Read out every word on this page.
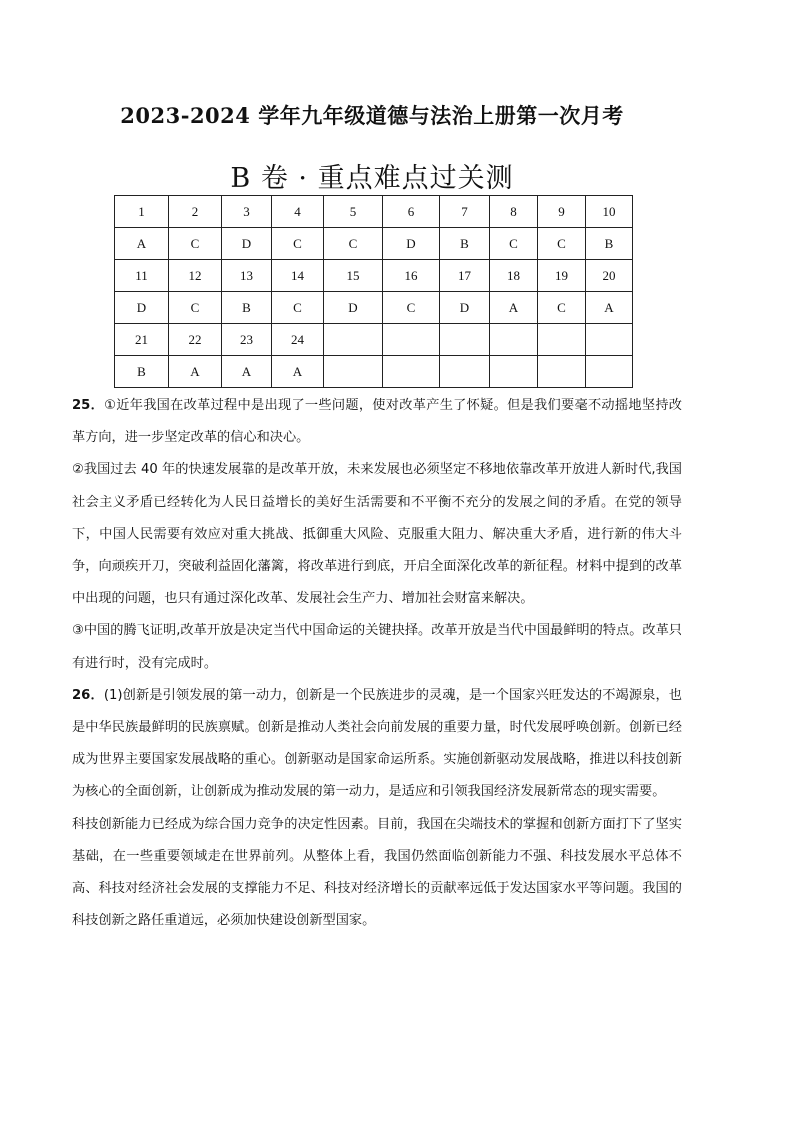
2023-2024 学年九年级道德与法治上册第一次月考
B 卷 · 重点难点过关测
1	2	3	4	5	6	7	8	9	10
A	C	D	C	C	D	B	C	C	B
11	12	13	14	15	16	17	18	19	20
D	C	B	C	D	C	D	A	C	A
21	22	23	24						
B	A	A	A						

25．①近年我国在改革过程中是出现了一些问题，使对改革产生了怀疑。但是我们要毫不动摇地坚持改革方向，进一步坚定改革的信心和决心。

②我国过去 40 年的快速发展靠的是改革开放，未来发展也必须坚定不移地依靠改革开放进人新时代,我国社会主义矛盾已经转化为人民日益增长的美好生活需要和不平衡不充分的发展之间的矛盾。在党的领导下，中国人民需要有效应对重大挑战、抵御重大风险、克服重大阻力、解决重大矛盾，进行新的伟大斗争，向顽疾开刀，突破利益固化藩篱，将改革进行到底，开启全面深化改革的新征程。材料中提到的改革中出现的问题，也只有通过深化改革、发展社会生产力、增加社会财富来解决。

③中国的腾飞证明,改革开放是决定当代中国命运的关键抉择。改革开放是当代中国最鲜明的特点。改革只有进行时，没有完成时。

26．(1)创新是引领发展的第一动力，创新是一个民族进步的灵魂，是一个国家兴旺发达的不竭源泉，也是中华民族最鲜明的民族禀赋。创新是推动人类社会向前发展的重要力量，时代发展呼唤创新。创新已经成为世界主要国家发展战略的重心。创新驱动是国家命运所系。实施创新驱动发展战略，推进以科技创新为核心的全面创新，让创新成为推动发展的第一动力，是适应和引领我国经济发展新常态的现实需要。

科技创新能力已经成为综合国力竞争的决定性因素。目前，我国在尖端技术的掌握和创新方面打下了坚实基础，在一些重要领域走在世界前列。从整体上看，我国仍然面临创新能力不强、科技发展水平总体不高、科技对经济社会发展的支撑能力不足、科技对经济增长的贡献率远低于发达国家水平等问题。我国的科技创新之路任重道远，必须加快建设创新型国家。
